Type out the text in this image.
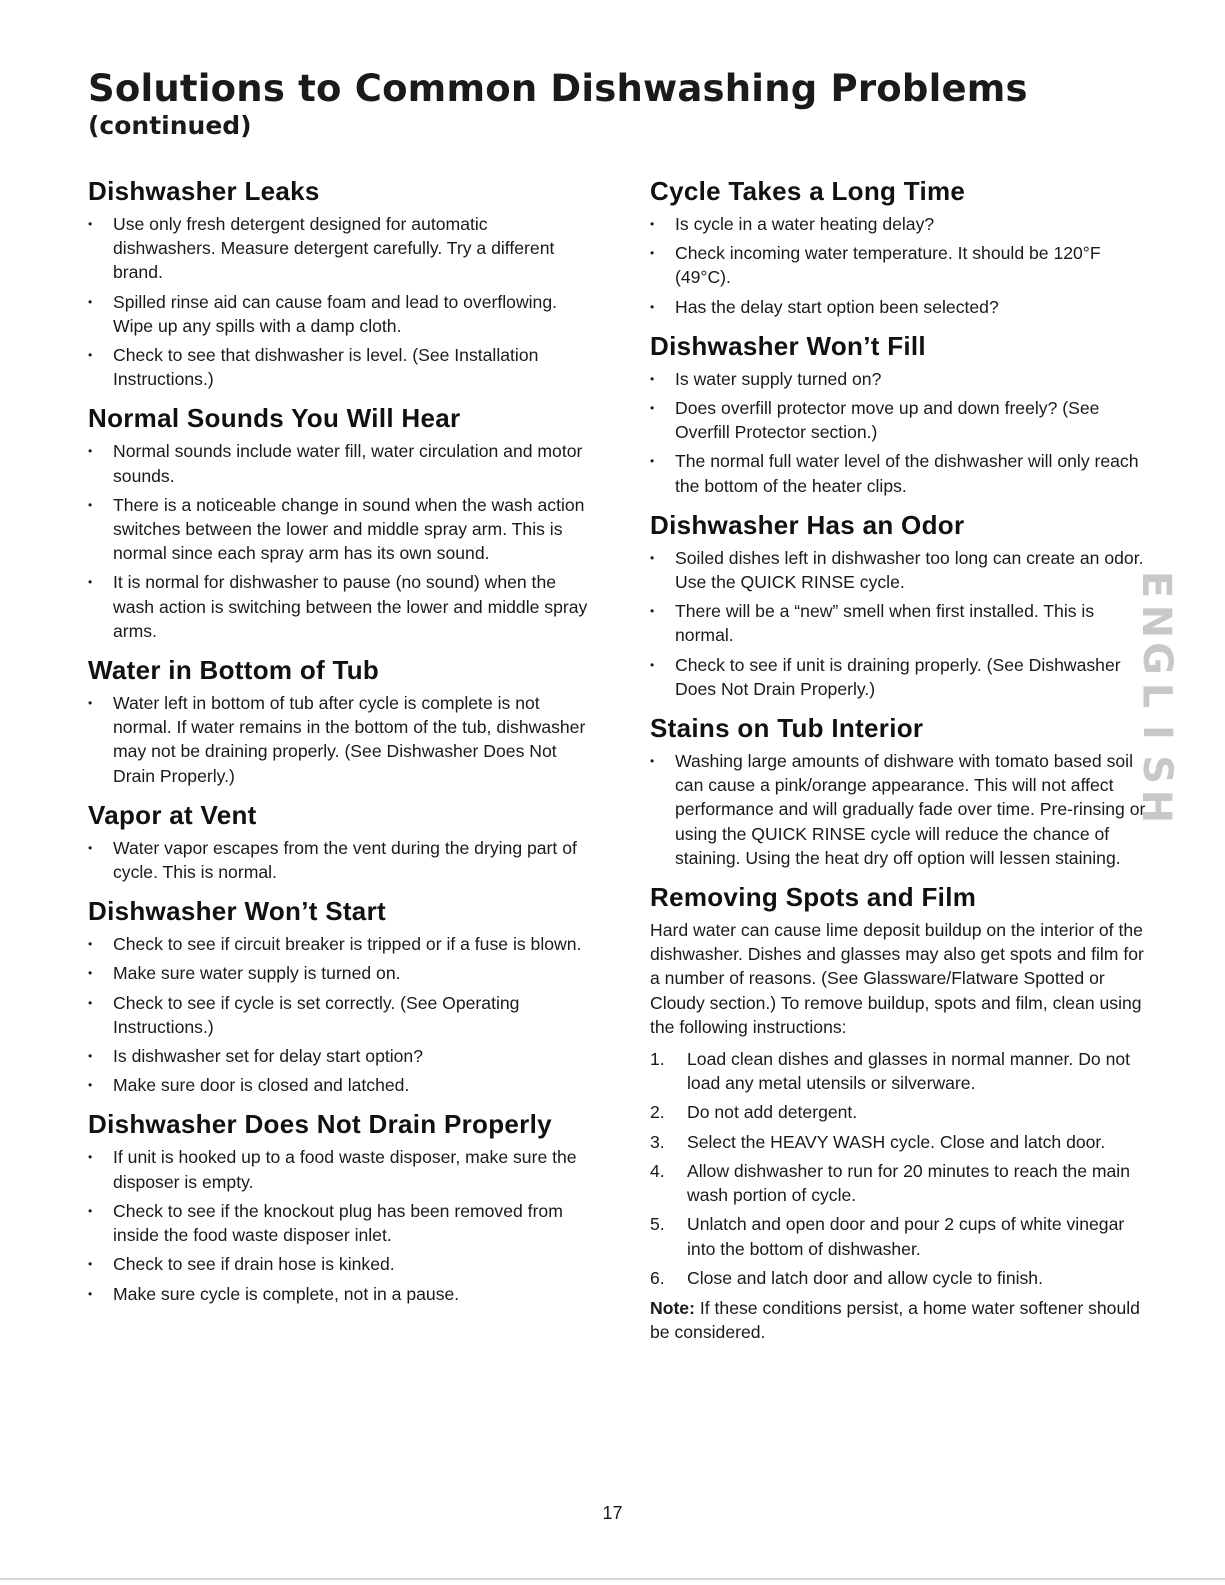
Solutions to Common Dishwashing Problems
(continued)
Dishwasher Leaks
• Use only fresh detergent designed for automatic dishwashers. Measure detergent carefully. Try a different brand.
• Spilled rinse aid can cause foam and lead to overflowing. Wipe up any spills with a damp cloth.
• Check to see that dishwasher is level. (See Installation Instructions.)
Normal Sounds You Will Hear
• Normal sounds include water fill, water circulation and motor sounds.
• There is a noticeable change in sound when the wash action switches between the lower and middle spray arm. This is normal since each spray arm has its own sound.
• It is normal for dishwasher to pause (no sound) when the wash action is switching between the lower and middle spray arms.
Water in Bottom of Tub
• Water left in bottom of tub after cycle is complete is not normal. If water remains in the bottom of the tub, dishwasher may not be draining properly. (See Dishwasher Does Not Drain Properly.)
Vapor at Vent
• Water vapor escapes from the vent during the drying part of cycle. This is normal.
Dishwasher Won’t Start
• Check to see if circuit breaker is tripped or if a fuse is blown.
• Make sure water supply is turned on.
• Check to see if cycle is set correctly. (See Operating Instructions.)
• Is dishwasher set for delay start option?
• Make sure door is closed and latched.
Dishwasher Does Not Drain Properly
• If unit is hooked up to a food waste disposer, make sure the disposer is empty.
• Check to see if the knockout plug has been removed from inside the food waste disposer inlet.
• Check to see if drain hose is kinked.
• Make sure cycle is complete, not in a pause.
Cycle Takes a Long Time
• Is cycle in a water heating delay?
• Check incoming water temperature. It should be 120°F (49°C).
• Has the delay start option been selected?
Dishwasher Won’t Fill
• Is water supply turned on?
• Does overfill protector move up and down freely? (See Overfill Protector section.)
• The normal full water level of the dishwasher will only reach the bottom of the heater clips.
Dishwasher Has an Odor
• Soiled dishes left in dishwasher too long can create an odor. Use the QUICK RINSE cycle.
• There will be a “new” smell when first installed. This is normal.
• Check to see if unit is draining properly. (See Dishwasher Does Not Drain Properly.)
Stains on Tub Interior
• Washing large amounts of dishware with tomato based soil can cause a pink/orange appearance. This will not affect performance and will gradually fade over time. Pre-rinsing or using the QUICK RINSE cycle will reduce the chance of staining. Using the heat dry off option will lessen staining.
Removing Spots and Film

Hard water can cause lime deposit buildup on the interior of the dishwasher. Dishes and glasses may also get spots and film for a number of reasons. (See Glassware/Flatware Spotted or Cloudy section.) To remove buildup, spots and film, clean using the following instructions:

1. Load clean dishes and glasses in normal manner. Do not load any metal utensils or silverware.
2. Do not add detergent.
3. Select the HEAVY WASH cycle. Close and latch door.
4. Allow dishwasher to run for 20 minutes to reach the main wash portion of cycle.
5. Unlatch and open door and pour 2 cups of white vinegar into the bottom of dishwasher.
6. Close and latch door and allow cycle to finish.

Note: If these conditions persist, a home water softener should be considered.

E
N
G
L
I
S
H
17
